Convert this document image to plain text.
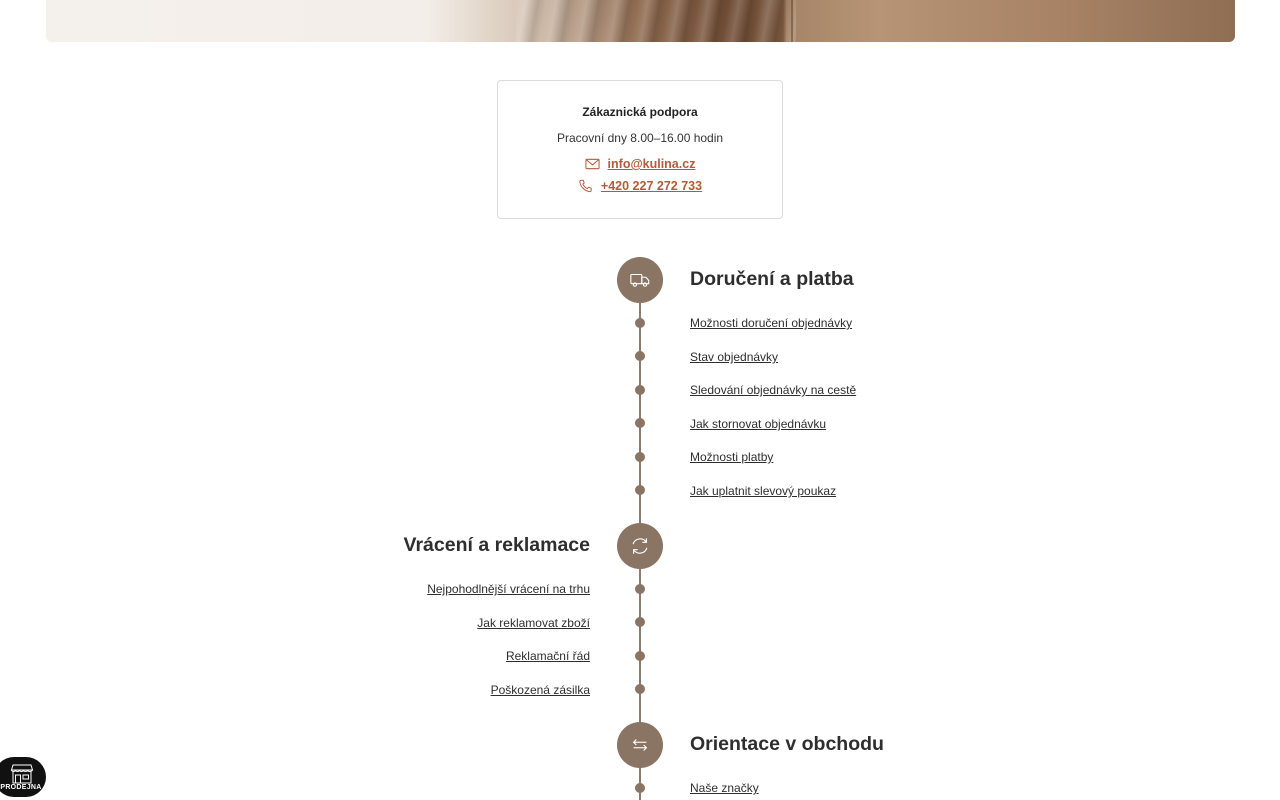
Zákaznická podpora
Pracovní dny 8.00–16.00 hodin
info@kulina.cz
+420 227 272 733
Doručení a platba
Možnosti doručení objednávky
Stav objednávky
Sledování objednávky na cestě
Jak stornovat objednávku
Možnosti platby
Jak uplatnit slevový poukaz
Vrácení a reklamace
Nejpohodlnější vrácení na trhu
Jak reklamovat zboží
Reklamační řád
Poškozená zásilka
Orientace v obchodu
Naše značky
PRODEJNA
